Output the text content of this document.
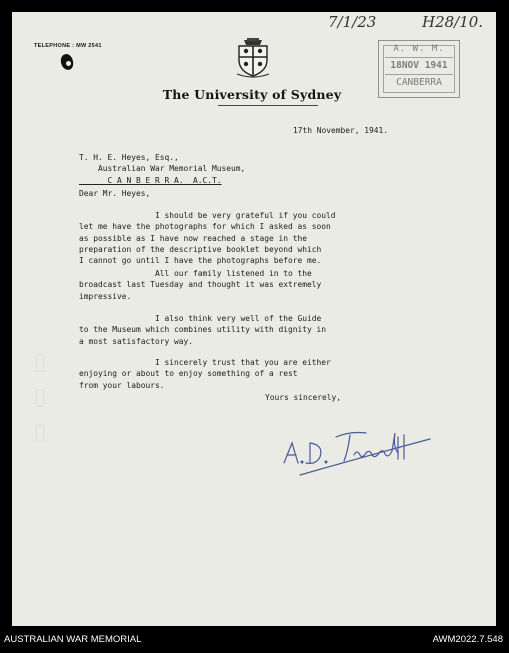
TELEPHONE : MW 2541
The University of Sydney
7/1/23	H28/10.
A. W. M.
18NOV 1941
CANBERRA
17th November, 1941.
T. H. E. Heyes, Esq.,
Australian War Memorial Museum,
C A N B E R R A.  A.C.T.
Dear Mr. Heyes,
I should be very grateful if you could
let me have the photographs for which I asked as soon
as possible as I have now reached a stage in the
preparation of the descriptive booklet beyond which
I cannot go until I have the photographs before me.
All our family listened in to the
broadcast last Tuesday and thought it was extremely
impressive.
I also think very well of the Guide
to the Museum which combines utility with dignity in
a most satisfactory way.
I sincerely trust that you are either
enjoying or about to enjoy something of a rest
from your labours.
Yours sincerely,
▭ ▭ ▭
AUSTRALIAN WAR MEMORIAL	AWM2022.7.548
